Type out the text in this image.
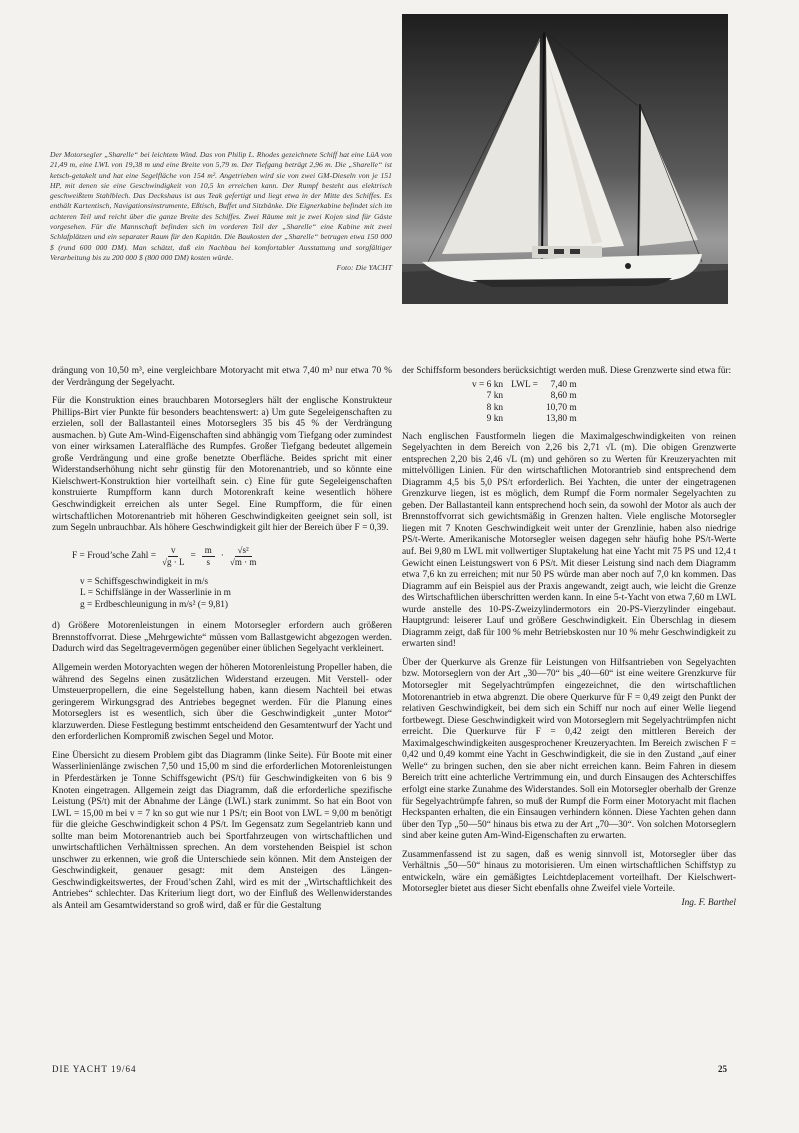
Der Motorsegler „Sharelle“ bei leichtem Wind. Das von Philip L. Rhodes gezeichnete Schiff hat eine LüA von 21,49 m, eine LWL von 19,38 m und eine Breite von 5,79 m. Der Tiefgang beträgt 2,96 m. Die „Sharelle“ ist ketsch-getakelt und hat eine Segelfläche von 154 m². Angetrieben wird sie von zwei GM-Dieseln von je 151 HP, mit denen sie eine Geschwindigkeit von 10,5 kn erreichen kann. Der Rumpf besteht aus elektrisch geschweißtem Stahlblech. Das Deckshaus ist aus Teak gefertigt und liegt etwa in der Mitte des Schiffes. Es enthält Kartentisch, Navigationsinstrumente, Eßtisch, Buffet und Sitzbänke. Die Eignerkabine befindet sich im achteren Teil und reicht über die ganze Breite des Schiffes. Zwei Räume mit je zwei Kojen sind für Gäste vorgesehen. Für die Mannschaft befinden sich im vorderen Teil der „Sharelle“ eine Kabine mit zwei Schlafplätzen und ein separater Raum für den Kapitän. Die Baukosten der „Sharelle“ betrugen etwa 150 000 $ (rund 600 000 DM). Man schätzt, daß ein Nachbau bei komfortabler Ausstattung und sorgfältiger Verarbeitung bis zu 200 000 $ (800 000 DM) kosten würde.
Foto: Die YACHT

drängung von 10,50 m³, eine vergleichbare Motoryacht mit etwa 7,40 m³ nur etwa 70 % der Verdrängung der Segelyacht.

Für die Konstruktion eines brauchbaren Motorseglers hält der englische Konstrukteur Phillips-Birt vier Punkte für besonders beachtenswert: a) Um gute Segeleigenschaften zu erzielen, soll der Ballastanteil eines Motorseglers 35 bis 45 % der Verdrängung ausmachen. b) Gute Am-Wind-Eigenschaften sind abhängig vom Tiefgang oder zumindest von einer wirksamen Lateralfläche des Rumpfes. Großer Tiefgang bedeutet allgemein große Verdrängung und eine große benetzte Oberfläche. Beides spricht mit einer Widerstandserhöhung nicht sehr günstig für den Motorenantrieb, und so könnte eine Kielschwert-Konstruktion hier vorteilhaft sein. c) Eine für gute Segeleigenschaften konstruierte Rumpfform kann durch Motorenkraft keine wesentlich höhere Geschwindigkeit erreichen als unter Segel. Eine Rumpfform, die für einen wirtschaftlichen Motorenantrieb mit höheren Geschwindigkeiten geeignet sein soll, ist zum Segeln unbrauchbar. Als höhere Geschwindigkeit gilt hier der Bereich über F = 0,39.

F = Froud’sche Zahl = $\frac{v}{√g \cdot L} = \frac{m}{s} \cdot \frac{\text{√s²}}{√m \cdot m}$
v = Schiffsgeschwindigkeit in m/s
L = Schiffslänge in der Wasserlinie in m
g = Erdbeschleunigung in m/s² (= 9,81)

d) Größere Motorenleistungen in einem Motorsegler erfordern auch größeren Brennstoffvorrat. Diese „Mehrgewichte“ müssen vom Ballastgewicht abgezogen werden. Dadurch wird das Segeltragevermögen gegenüber einer üblichen Segelyacht verkleinert.

Allgemein werden Motoryachten wegen der höheren Motorenleistung Propeller haben, die während des Segelns einen zusätzlichen Widerstand erzeugen. Mit Verstell- oder Umsteuerpropellern, die eine Segelstellung haben, kann diesem Nachteil bei etwas geringerem Wirkungsgrad des Antriebes begegnet werden. Für die Planung eines Motorseglers ist es wesentlich, sich über die Geschwindigkeit „unter Motor“ klarzuwerden. Diese Festlegung bestimmt entscheidend den Gesamtentwurf der Yacht und den erforderlichen Kompromiß zwischen Segel und Motor.

Eine Übersicht zu diesem Problem gibt das Diagramm (linke Seite). Für Boote mit einer Wasserlinienlänge zwischen 7,50 und 15,00 m sind die erforderlichen Motorenleistungen in Pferdestärken je Tonne Schiffsgewicht (PS/t) für Geschwindigkeiten von 6 bis 9 Knoten eingetragen. Allgemein zeigt das Diagramm, daß die erforderliche spezifische Leistung (PS/t) mit der Abnahme der Länge (LWL) stark zunimmt. So hat ein Boot von LWL = 15,00 m bei v = 7 kn so gut wie nur 1 PS/t; ein Boot von LWL = 9,00 m benötigt für die gleiche Geschwindigkeit schon 4 PS/t. Im Gegensatz zum Segelantrieb kann und sollte man beim Motorenantrieb auch bei Sportfahrzeugen von wirtschaftlichen und unwirtschaftlichen Verhältnissen sprechen. An dem vorstehenden Beispiel ist schon unschwer zu erkennen, wie groß die Unterschiede sein können. Mit dem Ansteigen der Geschwindigkeit, genauer gesagt: mit dem Ansteigen des Längen-Geschwindigkeitswertes, der Froud’schen Zahl, wird es mit der „Wirtschaftlichkeit des Antriebes“ schlechter. Das Kriterium liegt dort, wo der Einfluß des Wellenwiderstandes als Anteil am Gesamtwiderstand so groß wird, daß er für die Gestaltung

der Schiffsform besonders berücksichtigt werden muß. Diese Grenzwerte sind etwa für:

v = 6 kn	LWL =	7,40 m
7 kn		8,60 m
8 kn		10,70 m
9 kn		13,80 m

Nach englischen Faustformeln liegen die Maximalgeschwindigkeiten von reinen Segelyachten in dem Bereich von 2,26 bis 2,71 √L (m). Die obigen Grenzwerte entsprechen 2,20 bis 2,46 √L (m) und gehören so zu Werten für Kreuzeryachten mit mittelvölligen Linien. Für den wirtschaftlichen Motorantrieb sind entsprechend dem Diagramm 4,5 bis 5,0 PS/t erforderlich. Bei Yachten, die unter der eingetragenen Grenzkurve liegen, ist es möglich, dem Rumpf die Form normaler Segelyachten zu geben. Der Ballastanteil kann entsprechend hoch sein, da sowohl der Motor als auch der Brennstoffvorrat sich gewichtsmäßig in Grenzen halten. Viele englische Motorsegler liegen mit 7 Knoten Geschwindigkeit weit unter der Grenzlinie, haben also niedrige PS/t-Werte. Amerikanische Motorsegler weisen dagegen sehr häufig hohe PS/t-Werte auf. Bei 9,80 m LWL mit vollwertiger Sluptakelung hat eine Yacht mit 75 PS und 12,4 t Gewicht einen Leistungswert von 6 PS/t. Mit dieser Leistung sind nach dem Diagramm etwa 7,6 kn zu erreichen; mit nur 50 PS würde man aber noch auf 7,0 kn kommen. Das Diagramm auf ein Beispiel aus der Praxis angewandt, zeigt auch, wie leicht die Grenze des Wirtschaftlichen überschritten werden kann. In eine 5-t-Yacht von etwa 7,60 m LWL wurde anstelle des 10-PS-Zweizylindermotors ein 20-PS-Vierzylinder eingebaut. Hauptgrund: leiserer Lauf und größere Geschwindigkeit. Ein Überschlag in diesem Diagramm zeigt, daß für 100 % mehr Betriebskosten nur 10 % mehr Geschwindigkeit zu erwarten sind!

Über der Querkurve als Grenze für Leistungen von Hilfsantrieben von Segelyachten bzw. Motorseglern von der Art „30—70“ bis „40—60“ ist eine weitere Grenzkurve für Motorsegler mit Segelyachtrümpfen eingezeichnet, die den wirtschaftlichen Motorenantrieb in etwa abgrenzt. Die obere Querkurve für F = 0,49 zeigt den Punkt der relativen Geschwindigkeit, bei dem sich ein Schiff nur noch auf einer Welle liegend fortbewegt. Diese Geschwindigkeit wird von Motorseglern mit Segelyachtrümpfen nicht erreicht. Die Querkurve für F = 0,42 zeigt den mittleren Bereich der Maximalgeschwindigkeiten ausgesprochener Kreuzeryachten. Im Bereich zwischen F = 0,42 und 0,49 kommt eine Yacht in Geschwindigkeit, die sie in den Zustand „auf einer Welle“ zu bringen suchen, den sie aber nicht erreichen kann. Beim Fahren in diesem Bereich tritt eine achterliche Vertrimmung ein, und durch Einsaugen des Achterschiffes erfolgt eine starke Zunahme des Widerstandes. Soll ein Motorsegler oberhalb der Grenze für Segelyachtrümpfe fahren, so muß der Rumpf die Form einer Motoryacht mit flachen Heckspanten erhalten, die ein Einsaugen verhindern können. Diese Yachten gehen dann über den Typ „50—50“ hinaus bis etwa zu der Art „70—30“. Von solchen Motorseglern sind aber keine guten Am-Wind-Eigenschaften zu erwarten.

Zusammenfassend ist zu sagen, daß es wenig sinnvoll ist, Motorsegler über das Verhältnis „50—50“ hinaus zu motorisieren. Um einen wirtschaftlichen Schiffstyp zu entwickeln, wäre ein gemäßigtes Leichtdeplacement vorteilhaft. Der Kielschwert-Motorsegler bietet aus dieser Sicht ebenfalls ohne Zweifel viele Vorteile.

Ing. F. Barthel
DIE YACHT 19/64	25
